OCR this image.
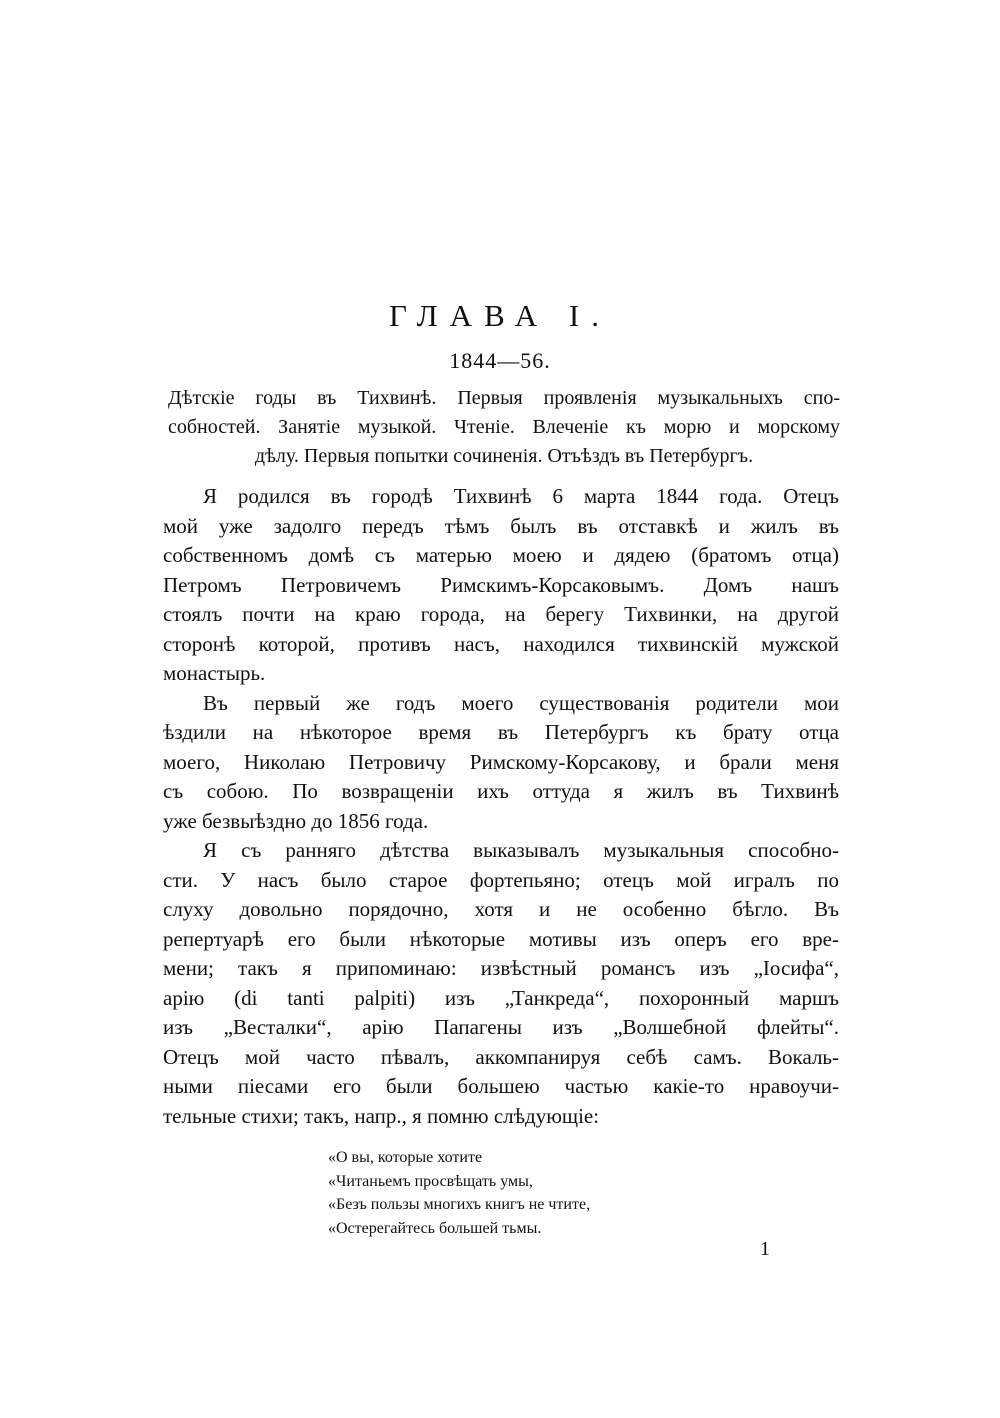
ГЛАВА I.
1844—56.
Дѣтскіе годы въ Тихвинѣ. Первыя проявленія музыкальныхъ спо-
собностей. Занятіе музыкой. Чтеніе. Влеченіе къ морю и морскому
дѣлу. Первыя попытки сочиненія. Отъѣздъ въ Петербургъ.

Я родился въ городѣ Тихвинѣ 6 марта 1844 года. Отецъ
мой уже задолго передъ тѣмъ былъ въ отставкѣ и жилъ въ
собственномъ домѣ съ матерью моею и дядею (братомъ отца)
Петромъ Петровичемъ Римскимъ-Корсаковымъ. Домъ нашъ
стоялъ почти на краю города, на берегу Тихвинки, на другой
сторонѣ которой, противъ насъ, находился тихвинскій мужской
монастырь.

Въ первый же годъ моего существованія родители мои
ѣздили на нѣкоторое время въ Петербургъ къ брату отца
моего, Николаю Петровичу Римскому-Корсакову, и брали меня
съ собою. По возвращеніи ихъ оттуда я жилъ въ Тихвинѣ
уже безвыѣздно до 1856 года.

Я съ ранняго дѣтства выказывалъ музыкальныя способно-
сти. У насъ было старое фортепьяно; отецъ мой игралъ по
слуху довольно порядочно, хотя и не особенно бѣгло. Въ
репертуарѣ его были нѣкоторые мотивы изъ оперъ его вре-
мени; такъ я припоминаю: извѣстный романсъ изъ „Іосифа“,
арію (di tanti palpiti) изъ „Танкреда“, похоронный маршъ
изъ „Весталки“, арію Папагены изъ „Волшебной флейты“.
Отецъ мой часто пѣвалъ, аккомпанируя себѣ самъ. Вокаль-
ными піесами его были большею частью какіе-то нравоучи-
тельные стихи; такъ, напр., я помню слѣдующіе:

«О вы, которые хотите
«Читаньемъ просвѣщать умы,
«Безъ пользы многихъ книгъ не чтите,
«Остерегайтесь большей тьмы.
1
